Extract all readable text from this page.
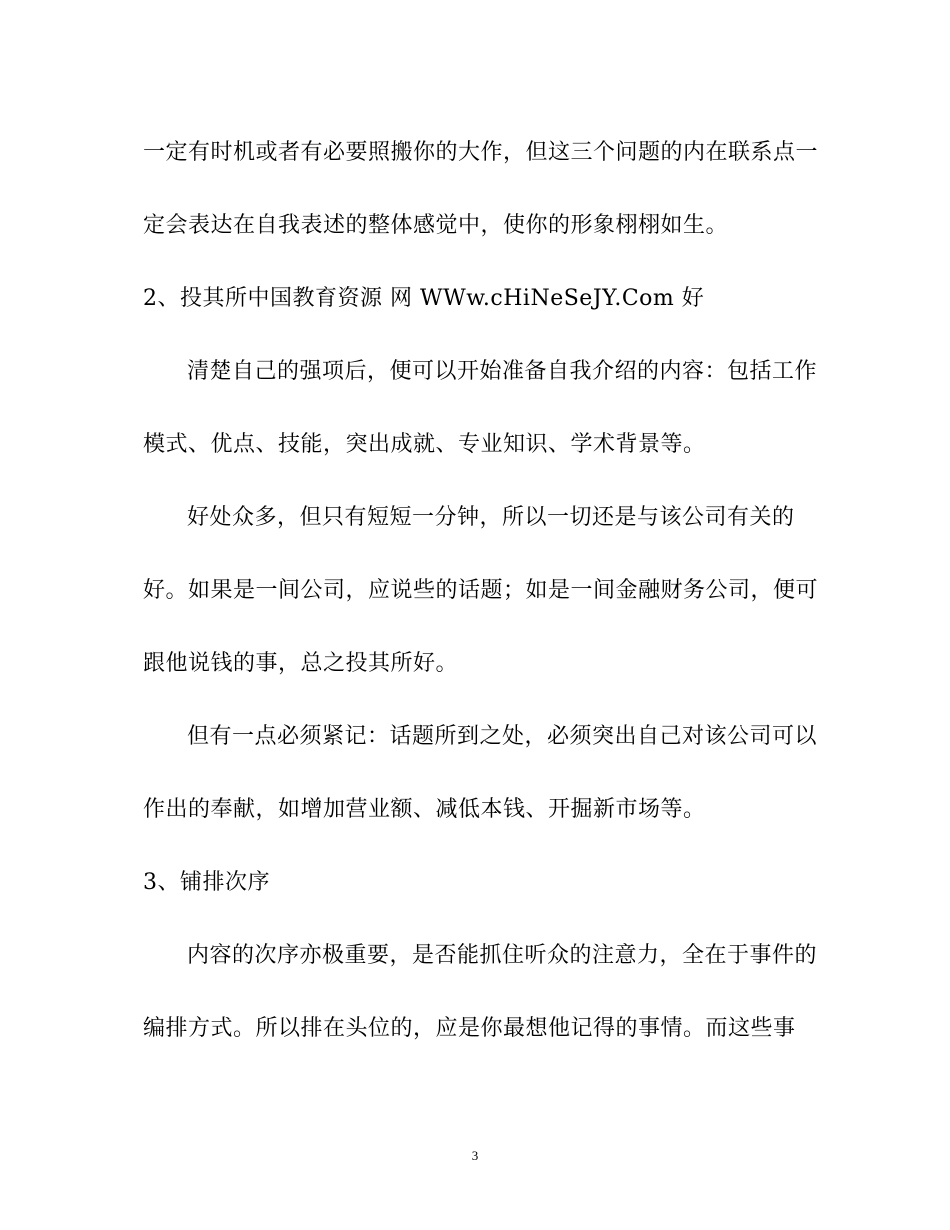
一定有时机或者有必要照搬你的大作，但这三个问题的内在联系点一
定会表达在自我表述的整体感觉中，使你的形象栩栩如生。
2、投其所中国教育资源 网 WWw.cHiNeSeJY.Com 好
清楚自己的强项后，便可以开始准备自我介绍的内容：包括工作
模式、优点、技能，突出成就、专业知识、学术背景等。
好处众多，但只有短短一分钟，所以一切还是与该公司有关的
好。如果是一间公司，应说些的话题；如是一间金融财务公司，便可
跟他说钱的事，总之投其所好。
但有一点必须紧记：话题所到之处，必须突出自己对该公司可以
作出的奉献，如增加营业额、减低本钱、开掘新市场等。
3、铺排次序
内容的次序亦极重要，是否能抓住听众的注意力，全在于事件的
编排方式。所以排在头位的，应是你最想他记得的事情。而这些事
3
